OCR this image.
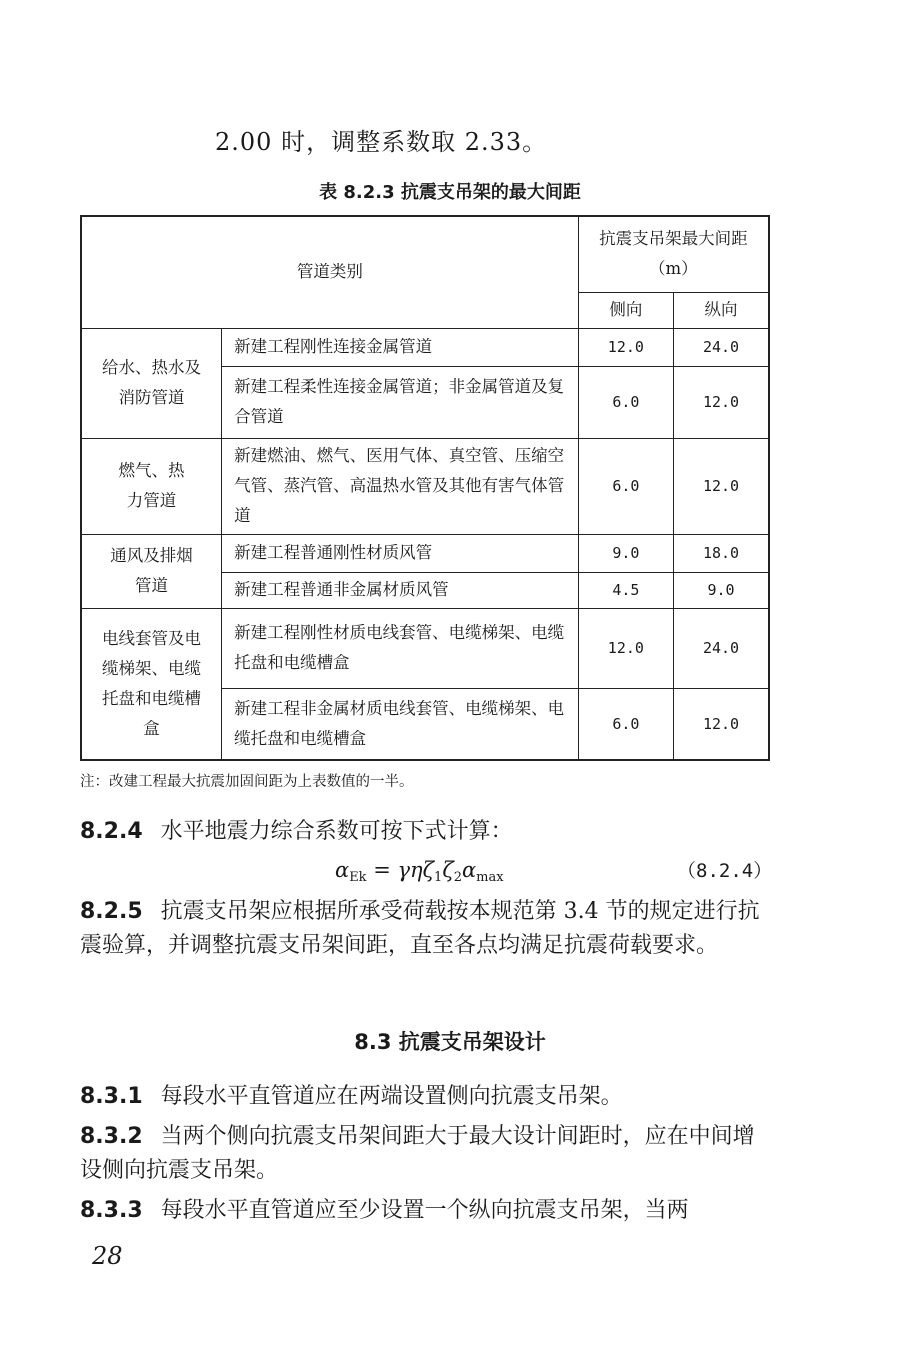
2.00 时，调整系数取 2.33。
表 8.2.3 抗震支吊架的最大间距
管道类别		抗震支吊架最大间距（m）	
		侧向	纵向
给水、热水及消防管道	新建工程刚性连接金属管道	12.0	24.0
	新建工程柔性连接金属管道；非金属管道及复合管道	6.0	12.0
燃气、热力管道	新建燃油、燃气、医用气体、真空管、压缩空气管、蒸汽管、高温热水管及其他有害气体管道	6.0	12.0
通风及排烟管道	新建工程普通刚性材质风管	9.0	18.0
	新建工程普通非金属材质风管	4.5	9.0
电线套管及电缆梯架、电缆托盘和电缆槽盒	新建工程刚性材质电线套管、电缆梯架、电缆托盘和电缆槽盒	12.0	24.0
	新建工程非金属材质电线套管、电缆梯架、电缆托盘和电缆槽盒	6.0	12.0
注：改建工程最大抗震加固间距为上表数值的一半。
8.2.4 水平地震力综合系数可按下式计算：
$\alpha_{Ek} = \gamma\eta\zeta_1\zeta_2\alpha_{max}$	（8.2.4）
8.2.5 抗震支吊架应根据所承受荷载按本规范第 3.4 节的规定进行抗震验算，并调整抗震支吊架间距，直至各点均满足抗震荷载要求。
8.3 抗震支吊架设计
8.3.1 每段水平直管道应在两端设置侧向抗震支吊架。
8.3.2 当两个侧向抗震支吊架间距大于最大设计间距时，应在中间增设侧向抗震支吊架。
8.3.3 每段水平直管道应至少设置一个纵向抗震支吊架，当两
28
